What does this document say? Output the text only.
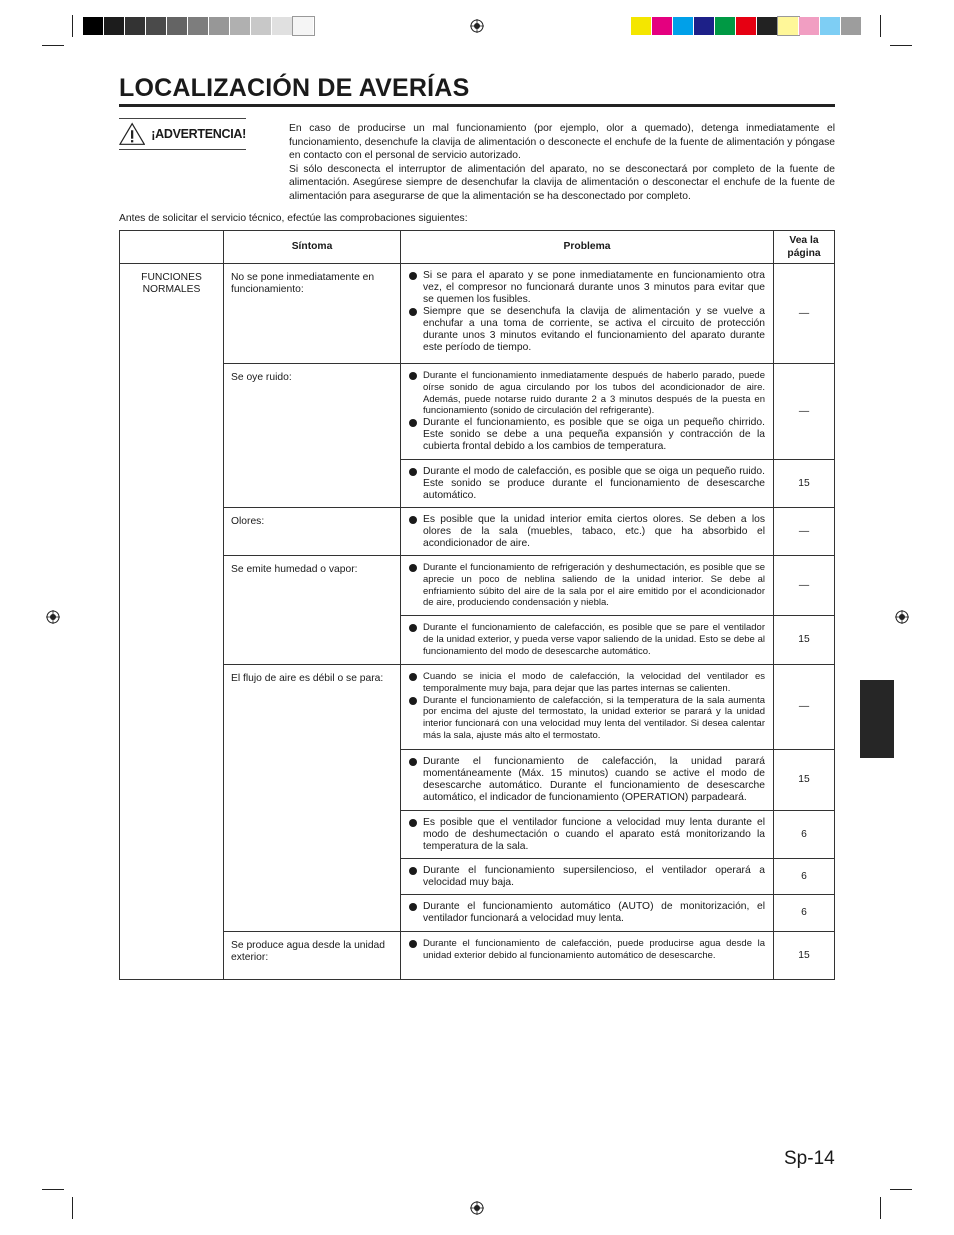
LOCALIZACIÓN DE AVERÍAS
¡ADVERTENCIA!	En caso de producirse un mal funcionamiento (por ejemplo, olor a quemado), detenga inmediatamente el funcionamiento, desenchufe la clavija de alimentación o desconecte el enchufe de la fuente de alimentación y póngase en contacto con el personal de servicio autorizado.

Si sólo desconecta el interruptor de alimentación del aparato, no se desconectará por completo de la fuente de alimentación. Asegúrese siempre de desenchufar la clavija de alimentación o desconectar el enchufe de la fuente de alimentación para asegurarse de que la alimentación se ha desconectado por completo.

Antes de solicitar el servicio técnico, efectúe las comprobaciones siguientes:
	Síntoma	Problema	Vea la
página

FUNCIONES NORMALES	No se pone inmediatamente en funcionamiento:	Si se para el aparato y se pone inmediatamente en funcionamiento otra vez, el compresor no funcionará durante unos 3 minutos para evitar que se quemen los fusibles.
Siempre que se desenchufa la clavija de alimentación y se vuelve a enchufar a una toma de corriente, se activa el circuito de protección durante unos 3 minutos evitando el funcionamiento del aparato durante este período de tiempo.	—
	Se oye ruido:	Durante el funcionamiento inmediatamente después de haberlo parado, puede oírse sonido de agua circulando por los tubos del acondicionador de aire. Además, puede notarse ruido durante 2 a 3 minutos después de la puesta en funcionamiento (sonido de circulación del refrigerante).
Durante el funcionamiento, es posible que se oiga un pequeño chirrido. Este sonido se debe a una pequeña expansión y contracción de la cubierta frontal debido a los cambios de temperatura.	—

		Durante el modo de calefacción, es posible que se oiga un pequeño ruido. Este sonido se produce durante el funcionamiento de desescarche automático.	15
	Olores:	Es posible que la unidad interior emita ciertos olores. Se deben a los olores de la sala (muebles, tabaco, etc.) que ha absorbido el acondicionador de aire.	—
	Se emite humedad o vapor:	Durante el funcionamiento de refrigeración y deshumectación, es posible que se aprecie un poco de neblina saliendo de la unidad interior. Se debe al enfriamiento súbito del aire de la sala por el aire emitido por el acondicionador de aire, produciendo condensación y niebla.	—

		Durante el funcionamiento de calefacción, es posible que se pare el ventilador de la unidad exterior, y pueda verse vapor saliendo de la unidad. Esto se debe al funcionamiento del modo de desescarche automático.	15
	El flujo de aire es débil o se para:	Cuando se inicia el modo de calefacción, la velocidad del ventilador es temporalmente muy baja, para dejar que las partes internas se calienten.
Durante el funcionamiento de calefacción, si la temperatura de la sala aumenta por encima del ajuste del termostato, la unidad exterior se parará y la unidad interior funcionará con una velocidad muy lenta del ventilador. Si desea calentar más la sala, ajuste más alto el termostato.	—

		Durante el funcionamiento de calefacción, la unidad parará momentáneamente (Máx. 15 minutos) cuando se active el modo de desescarche automático. Durante el funcionamiento de desescarche automático, el indicador de funcionamiento (OPERATION) parpadeará.	15

		Es posible que el ventilador funcione a velocidad muy lenta durante el modo de deshumectación o cuando el aparato está monitorizando la temperatura de la sala.	6

		Durante el funcionamiento supersilencioso, el ventilador operará a velocidad muy baja.	6

		Durante el funcionamiento automático (AUTO) de monitorización, el ventilador funcionará a velocidad muy lenta.	6
	Se produce agua desde la unidad exterior:	Durante el funcionamiento de calefacción, puede producirse agua desde la unidad exterior debido al funcionamiento automático de desescarche.	15
Sp-14
